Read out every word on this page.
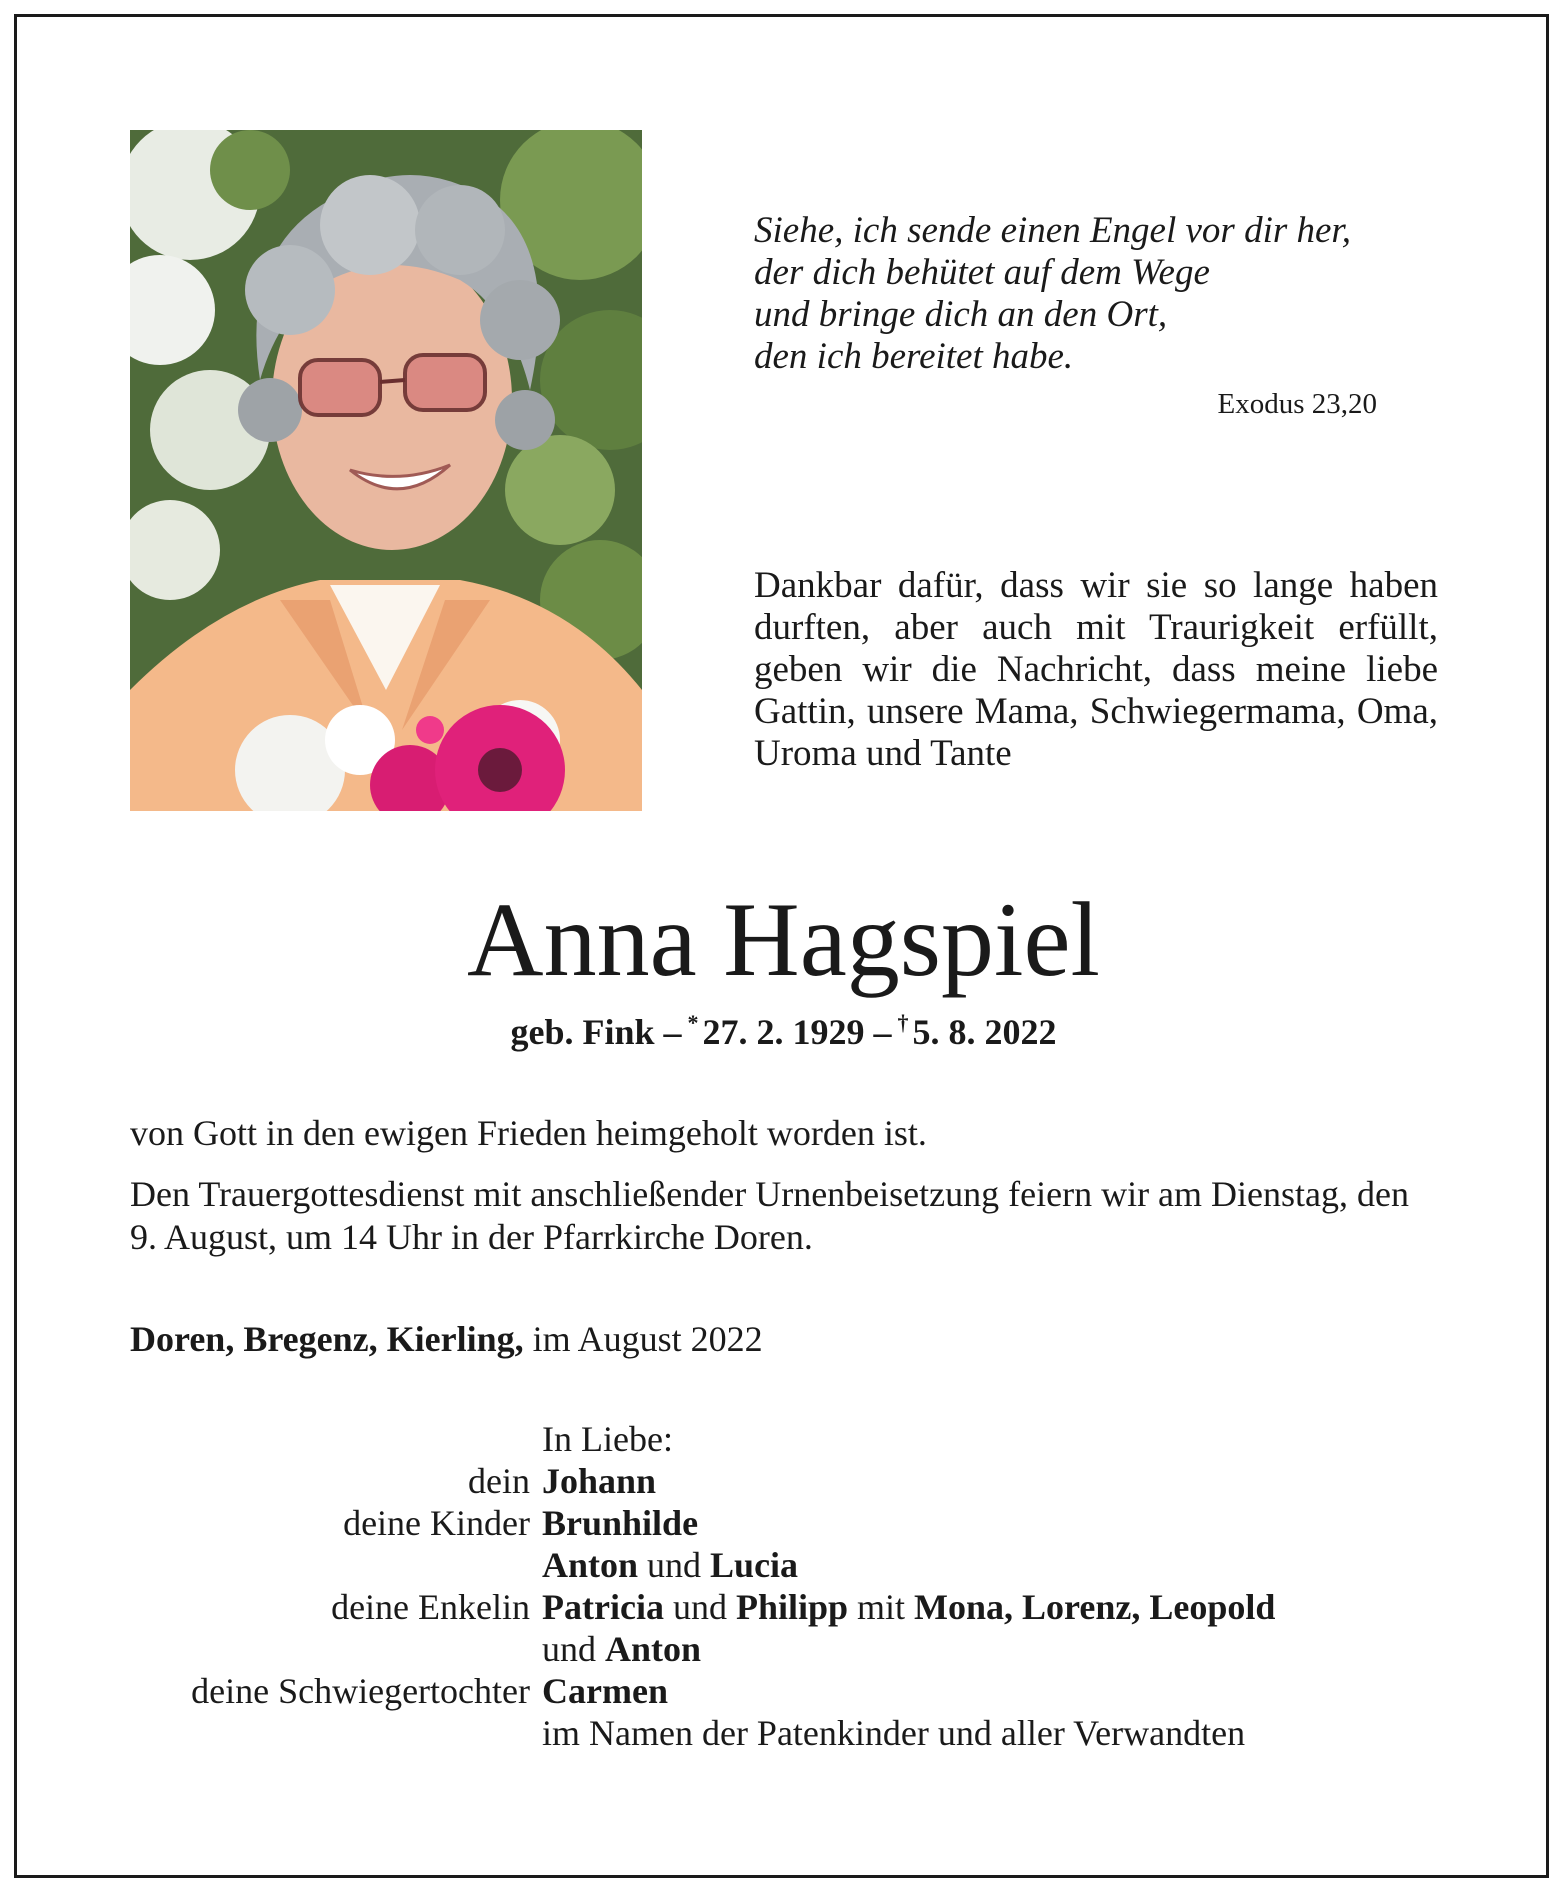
Siehe, ich sende einen Engel vor dir her,
der dich behütet auf dem Wege
und bringe dich an den Ort,
den ich bereitet habe.
Exodus 23,20
Dankbar dafür, dass wir sie so lange haben durften, aber auch mit Traurigkeit erfüllt, geben wir die Nachricht, dass meine liebe Gattin, unsere Mama, Schwiegermama, Oma, Uroma und Tante
Anna Hagspiel
geb. Fink – * 27. 2. 1929 – † 5. 8. 2022
von Gott in den ewigen Frieden heimgeholt worden ist.
Den Trauergottesdienst mit anschließender Urnenbeisetzung feiern wir am Dienstag, den 9. August, um 14 Uhr in der Pfarrkirche Doren.
Doren, Bregenz, Kierling, im August 2022
In Liebe:
dein Johann
deine Kinder Brunhilde
Anton und Lucia
deine Enkelin Patricia und Philipp mit Mona, Lorenz, Leopold
und Anton
deine Schwiegertochter Carmen
im Namen der Patenkinder und aller Verwandten
